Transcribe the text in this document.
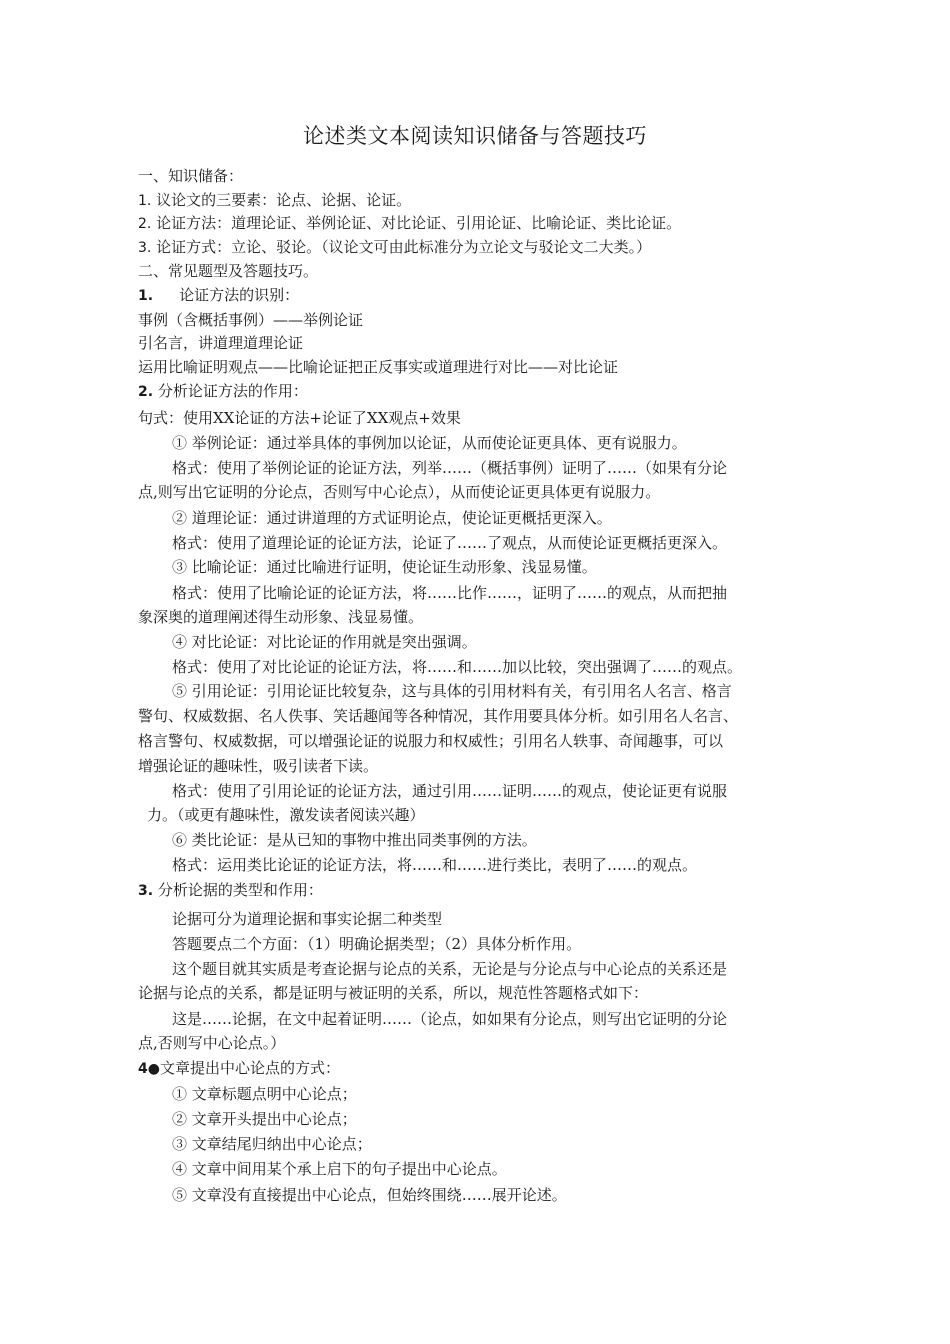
论述类文本阅读知识储备与答题技巧
一、知识储备：
1. 议论文的三要素：论点、论据、论证。
2. 论证方法：道理论证、举例论证、对比论证、引用论证、比喻论证、类比论证。
3. 论证方式：立论、驳论。（议论文可由此标准分为立论文与驳论文二大类。）
二、常见题型及答题技巧。
1. 论证方法的识别：
事例（含概括事例）——举例论证
引名言，讲道理道理论证
运用比喻证明观点——比喻论证把正反事实或道理进行对比——对比论证
2. 分析论证方法的作用：
句式：使用XX论证的方法+论证了XX观点+效果
① 举例论证：通过举具体的事例加以论证，从而使论证更具体、更有说服力。
格式：使用了举例论证的论证方法，列举……（概括事例）证明了……（如果有分论
点,则写出它证明的分论点，否则写中心论点），从而使论证更具体更有说服力。
② 道理论证：通过讲道理的方式证明论点，使论证更概括更深入。
格式：使用了道理论证的论证方法，论证了……了观点，从而使论证更概括更深入。
③ 比喻论证：通过比喻进行证明，使论证生动形象、浅显易懂。
格式：使用了比喻论证的论证方法，将……比作……，证明了……的观点，从而把抽
象深奥的道理阐述得生动形象、浅显易懂。
④ 对比论证：对比论证的作用就是突出强调。
格式：使用了对比论证的论证方法，将……和……加以比较，突出强调了……的观点。
⑤ 引用论证：引用论证比较复杂，这与具体的引用材料有关，有引用名人名言、格言
警句、权威数据、名人佚事、笑话趣闻等各种情况，其作用要具体分析。如引用名人名言、
格言警句、权威数据，可以增强论证的说服力和权威性；引用名人轶事、奇闻趣事，可以
增强论证的趣味性，吸引读者下读。
格式：使用了引用论证的论证方法，通过引用……证明……的观点，使论证更有说服
力。（或更有趣味性，激发读者阅读兴趣）
⑥ 类比论证：是从已知的事物中推出同类事例的方法。
格式：运用类比论证的论证方法，将……和……进行类比，表明了……的观点。
3. 分析论据的类型和作用：
论据可分为道理论据和事实论据二种类型
答题要点二个方面：（1）明确论据类型；（2）具体分析作用。
这个题目就其实质是考查论据与论点的关系，无论是与分论点与中心论点的关系还是
论据与论点的关系，都是证明与被证明的关系，所以，规范性答题格式如下：
这是……论据，在文中起着证明……（论点，如如果有分论点，则写出它证明的分论
点,否则写中心论点。）
4●文章提出中心论点的方式：
① 文章标题点明中心论点；
② 文章开头提出中心论点；
③ 文章结尾归纳出中心论点；
④ 文章中间用某个承上启下的句子提出中心论点。
⑤ 文章没有直接提出中心论点，但始终围绕……展开论述。
